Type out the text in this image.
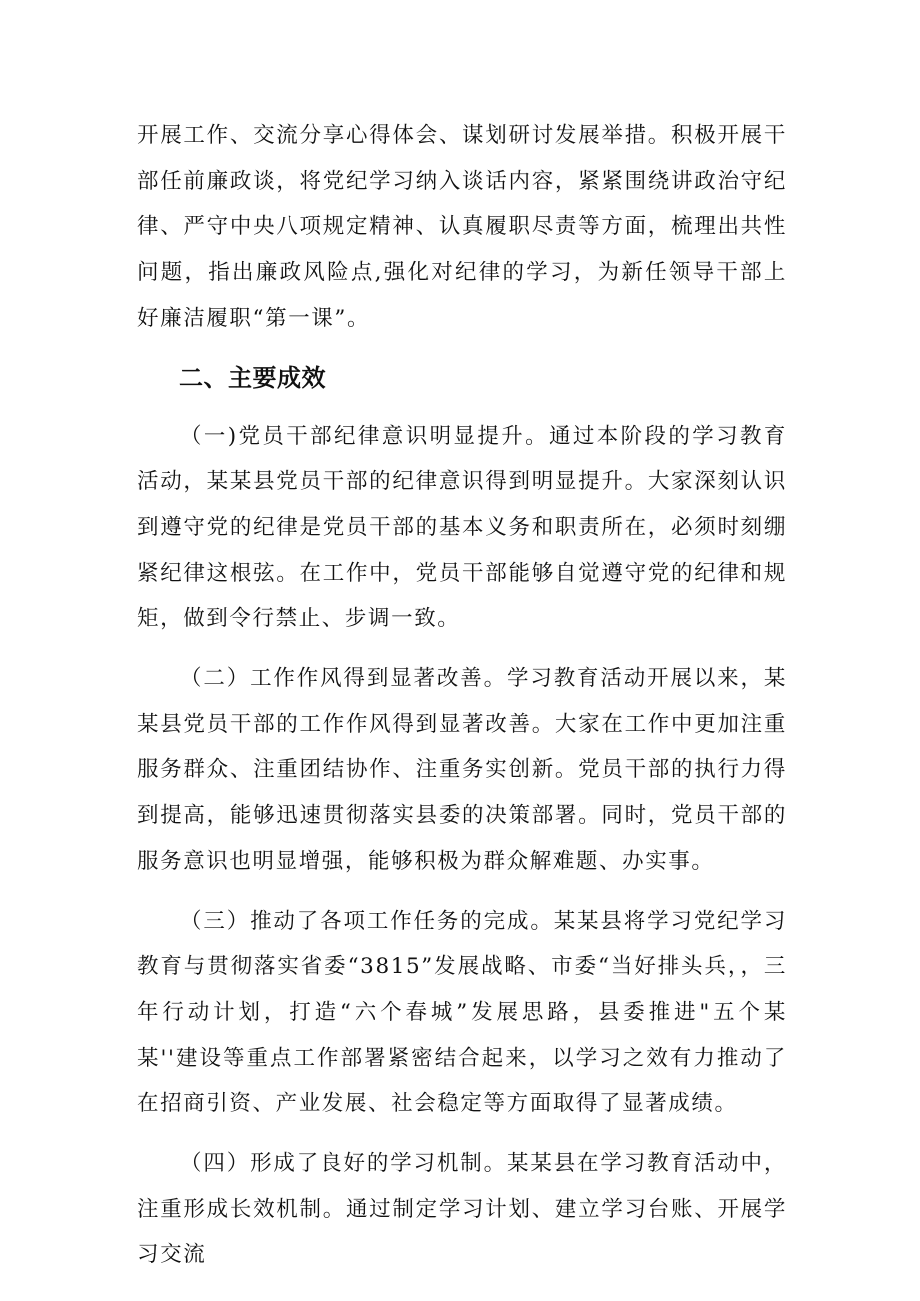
开展工作、交流分享心得体会、谋划研讨发展举措。积极开展干部任前廉政谈，将党纪学习纳入谈话内容，紧紧围绕讲政治守纪律、严守中央八项规定精神、认真履职尽责等方面，梳理出共性问题，指出廉政风险点,强化对纪律的学习，为新任领导干部上好廉洁履职“第一课”。

二、主要成效

（一)党员干部纪律意识明显提升。通过本阶段的学习教育活动，某某县党员干部的纪律意识得到明显提升。大家深刻认识到遵守党的纪律是党员干部的基本义务和职责所在，必须时刻绷紧纪律这根弦。在工作中，党员干部能够自觉遵守党的纪律和规矩，做到令行禁止、步调一致。

（二）工作作风得到显著改善。学习教育活动开展以来，某某县党员干部的工作作风得到显著改善。大家在工作中更加注重服务群众、注重团结协作、注重务实创新。党员干部的执行力得到提高，能够迅速贯彻落实县委的决策部署。同时，党员干部的服务意识也明显增强，能够积极为群众解难题、办实事。

（三）推动了各项工作任务的完成。某某县将学习党纪学习教育与贯彻落实省委“3815”发展战略、市委“当好排头兵，，三年行动计划，打造“六个春城”发展思路，县委推进"五个某某''建设等重点工作部署紧密结合起来，以学习之效有力推动了在招商引资、产业发展、社会稳定等方面取得了显著成绩。

（四）形成了良好的学习机制。某某县在学习教育活动中，注重形成长效机制。通过制定学习计划、建立学习台账、开展学习交流
